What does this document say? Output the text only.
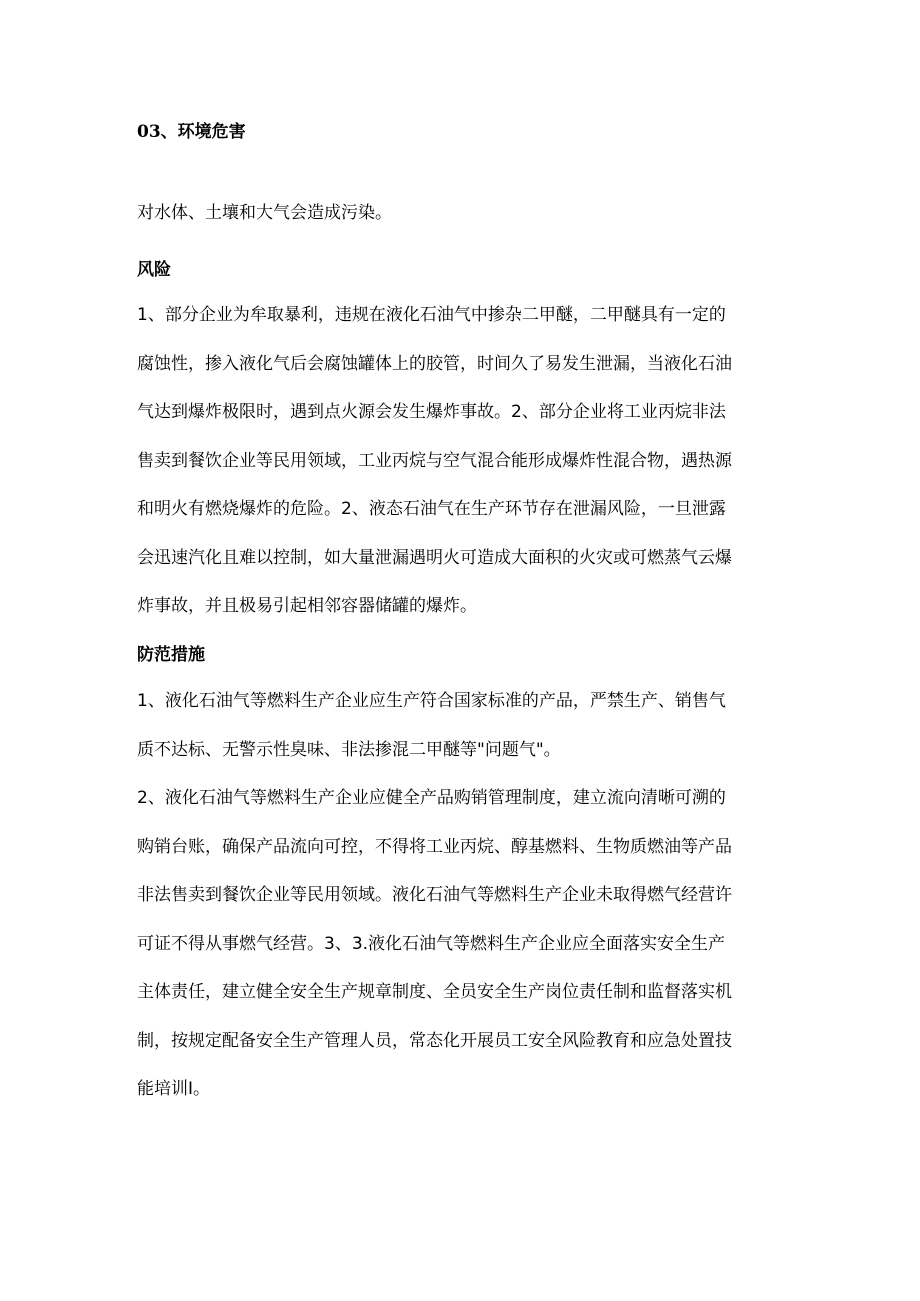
03、环境危害
对水体、土壤和大气会造成污染。
风险
1、部分企业为牟取暴利，违规在液化石油气中掺杂二甲醚，二甲醚具有一定的
腐蚀性，掺入液化气后会腐蚀罐体上的胶管，时间久了易发生泄漏，当液化石油
气达到爆炸极限时，遇到点火源会发生爆炸事故。2、部分企业将工业丙烷非法
售卖到餐饮企业等民用领域，工业丙烷与空气混合能形成爆炸性混合物，遇热源
和明火有燃烧爆炸的危险。2、液态石油气在生产环节存在泄漏风险，一旦泄露
会迅速汽化且难以控制，如大量泄漏遇明火可造成大面积的火灾或可燃蒸气云爆
炸事故，并且极易引起相邻容器储罐的爆炸。
防范措施
1、液化石油气等燃料生产企业应生产符合国家标准的产品，严禁生产、销售气
质不达标、无警示性臭味、非法掺混二甲醚等"问题气"。
2、液化石油气等燃料生产企业应健全产品购销管理制度，建立流向清晰可溯的
购销台账，确保产品流向可控，不得将工业丙烷、醇基燃料、生物质燃油等产品
非法售卖到餐饮企业等民用领域。液化石油气等燃料生产企业未取得燃气经营许
可证不得从事燃气经营。3、3.液化石油气等燃料生产企业应全面落实安全生产
主体责任，建立健全安全生产规章制度、全员安全生产岗位责任制和监督落实机
制，按规定配备安全生产管理人员，常态化开展员工安全风险教育和应急处置技
能培训I。
